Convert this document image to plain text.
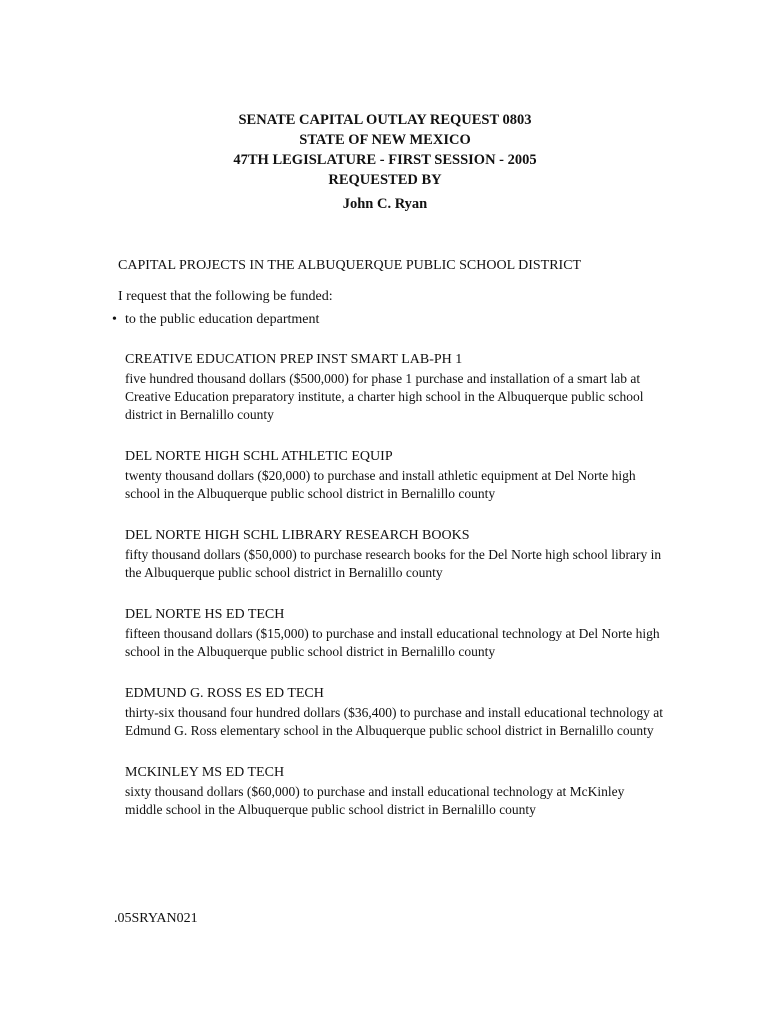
SENATE CAPITAL OUTLAY REQUEST 0803
STATE OF NEW MEXICO
47TH LEGISLATURE - FIRST SESSION - 2005
REQUESTED BY
John C. Ryan
CAPITAL PROJECTS IN THE ALBUQUERQUE PUBLIC SCHOOL DISTRICT
I request that the following be funded:
• to the public education department
CREATIVE EDUCATION PREP INST SMART LAB-PH 1
five hundred thousand dollars ($500,000) for phase 1 purchase and installation of a smart lab at Creative Education preparatory institute, a charter high school in the Albuquerque public school district in Bernalillo county
DEL NORTE HIGH SCHL ATHLETIC EQUIP
twenty thousand dollars ($20,000) to purchase and install athletic equipment at Del Norte high school in the Albuquerque public school district in Bernalillo county
DEL NORTE HIGH SCHL LIBRARY RESEARCH BOOKS
fifty thousand dollars ($50,000) to purchase research books for the Del Norte high school library in the Albuquerque public school district in Bernalillo county
DEL NORTE HS ED TECH
fifteen thousand dollars ($15,000) to purchase and install educational technology at Del Norte high school in the Albuquerque public school district in Bernalillo county
EDMUND G. ROSS ES ED TECH
thirty-six thousand four hundred dollars ($36,400) to purchase and install educational technology at Edmund G. Ross elementary school in the Albuquerque public school district in Bernalillo county
MCKINLEY MS ED TECH
sixty thousand dollars ($60,000) to purchase and install educational technology at McKinley middle school in the Albuquerque public school district in Bernalillo county
.05SRYAN021
